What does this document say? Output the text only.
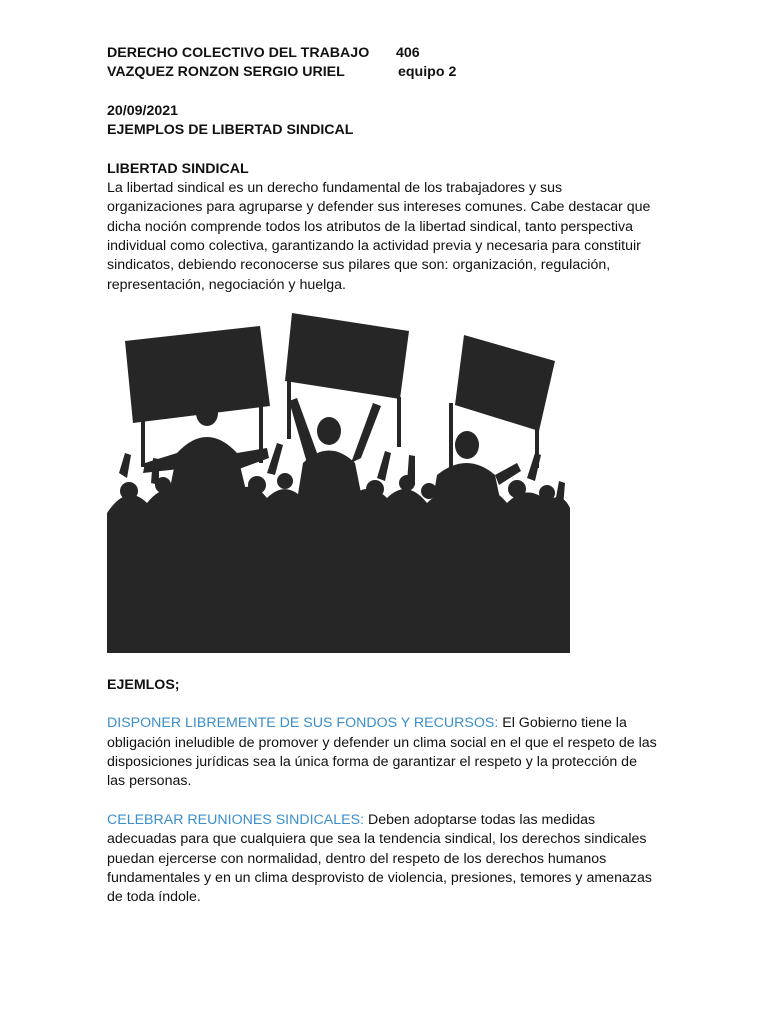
DERECHO COLECTIVO DEL TRABAJO 406
VAZQUEZ RONZON SERGIO URIEL	equipo 2
20/09/2021
EJEMPLOS DE LIBERTAD SINDICAL
LIBERTAD SINDICAL

La libertad sindical es un derecho fundamental de los trabajadores y sus organizaciones para agruparse y defender sus intereses comunes. Cabe destacar que dicha noción comprende todos los atributos de la libertad sindical, tanto perspectiva individual como colectiva, garantizando la actividad previa y necesaria para constituir sindicatos, debiendo reconocerse sus pilares que son: organización, regulación, representación, negociación y huelga.

EJEMLOS;

DISPONER LIBREMENTE DE SUS FONDOS Y RECURSOS: El Gobierno tiene la obligación ineludible de promover y defender un clima social en el que el respeto de las disposiciones jurídicas sea la única forma de garantizar el respeto y la protección de las personas.

CELEBRAR REUNIONES SINDICALES: Deben adoptarse todas las medidas adecuadas para que cualquiera que sea la tendencia sindical, los derechos sindicales puedan ejercerse con normalidad, dentro del respeto de los derechos humanos fundamentales y en un clima desprovisto de violencia, presiones, temores y amenazas de toda índole.
